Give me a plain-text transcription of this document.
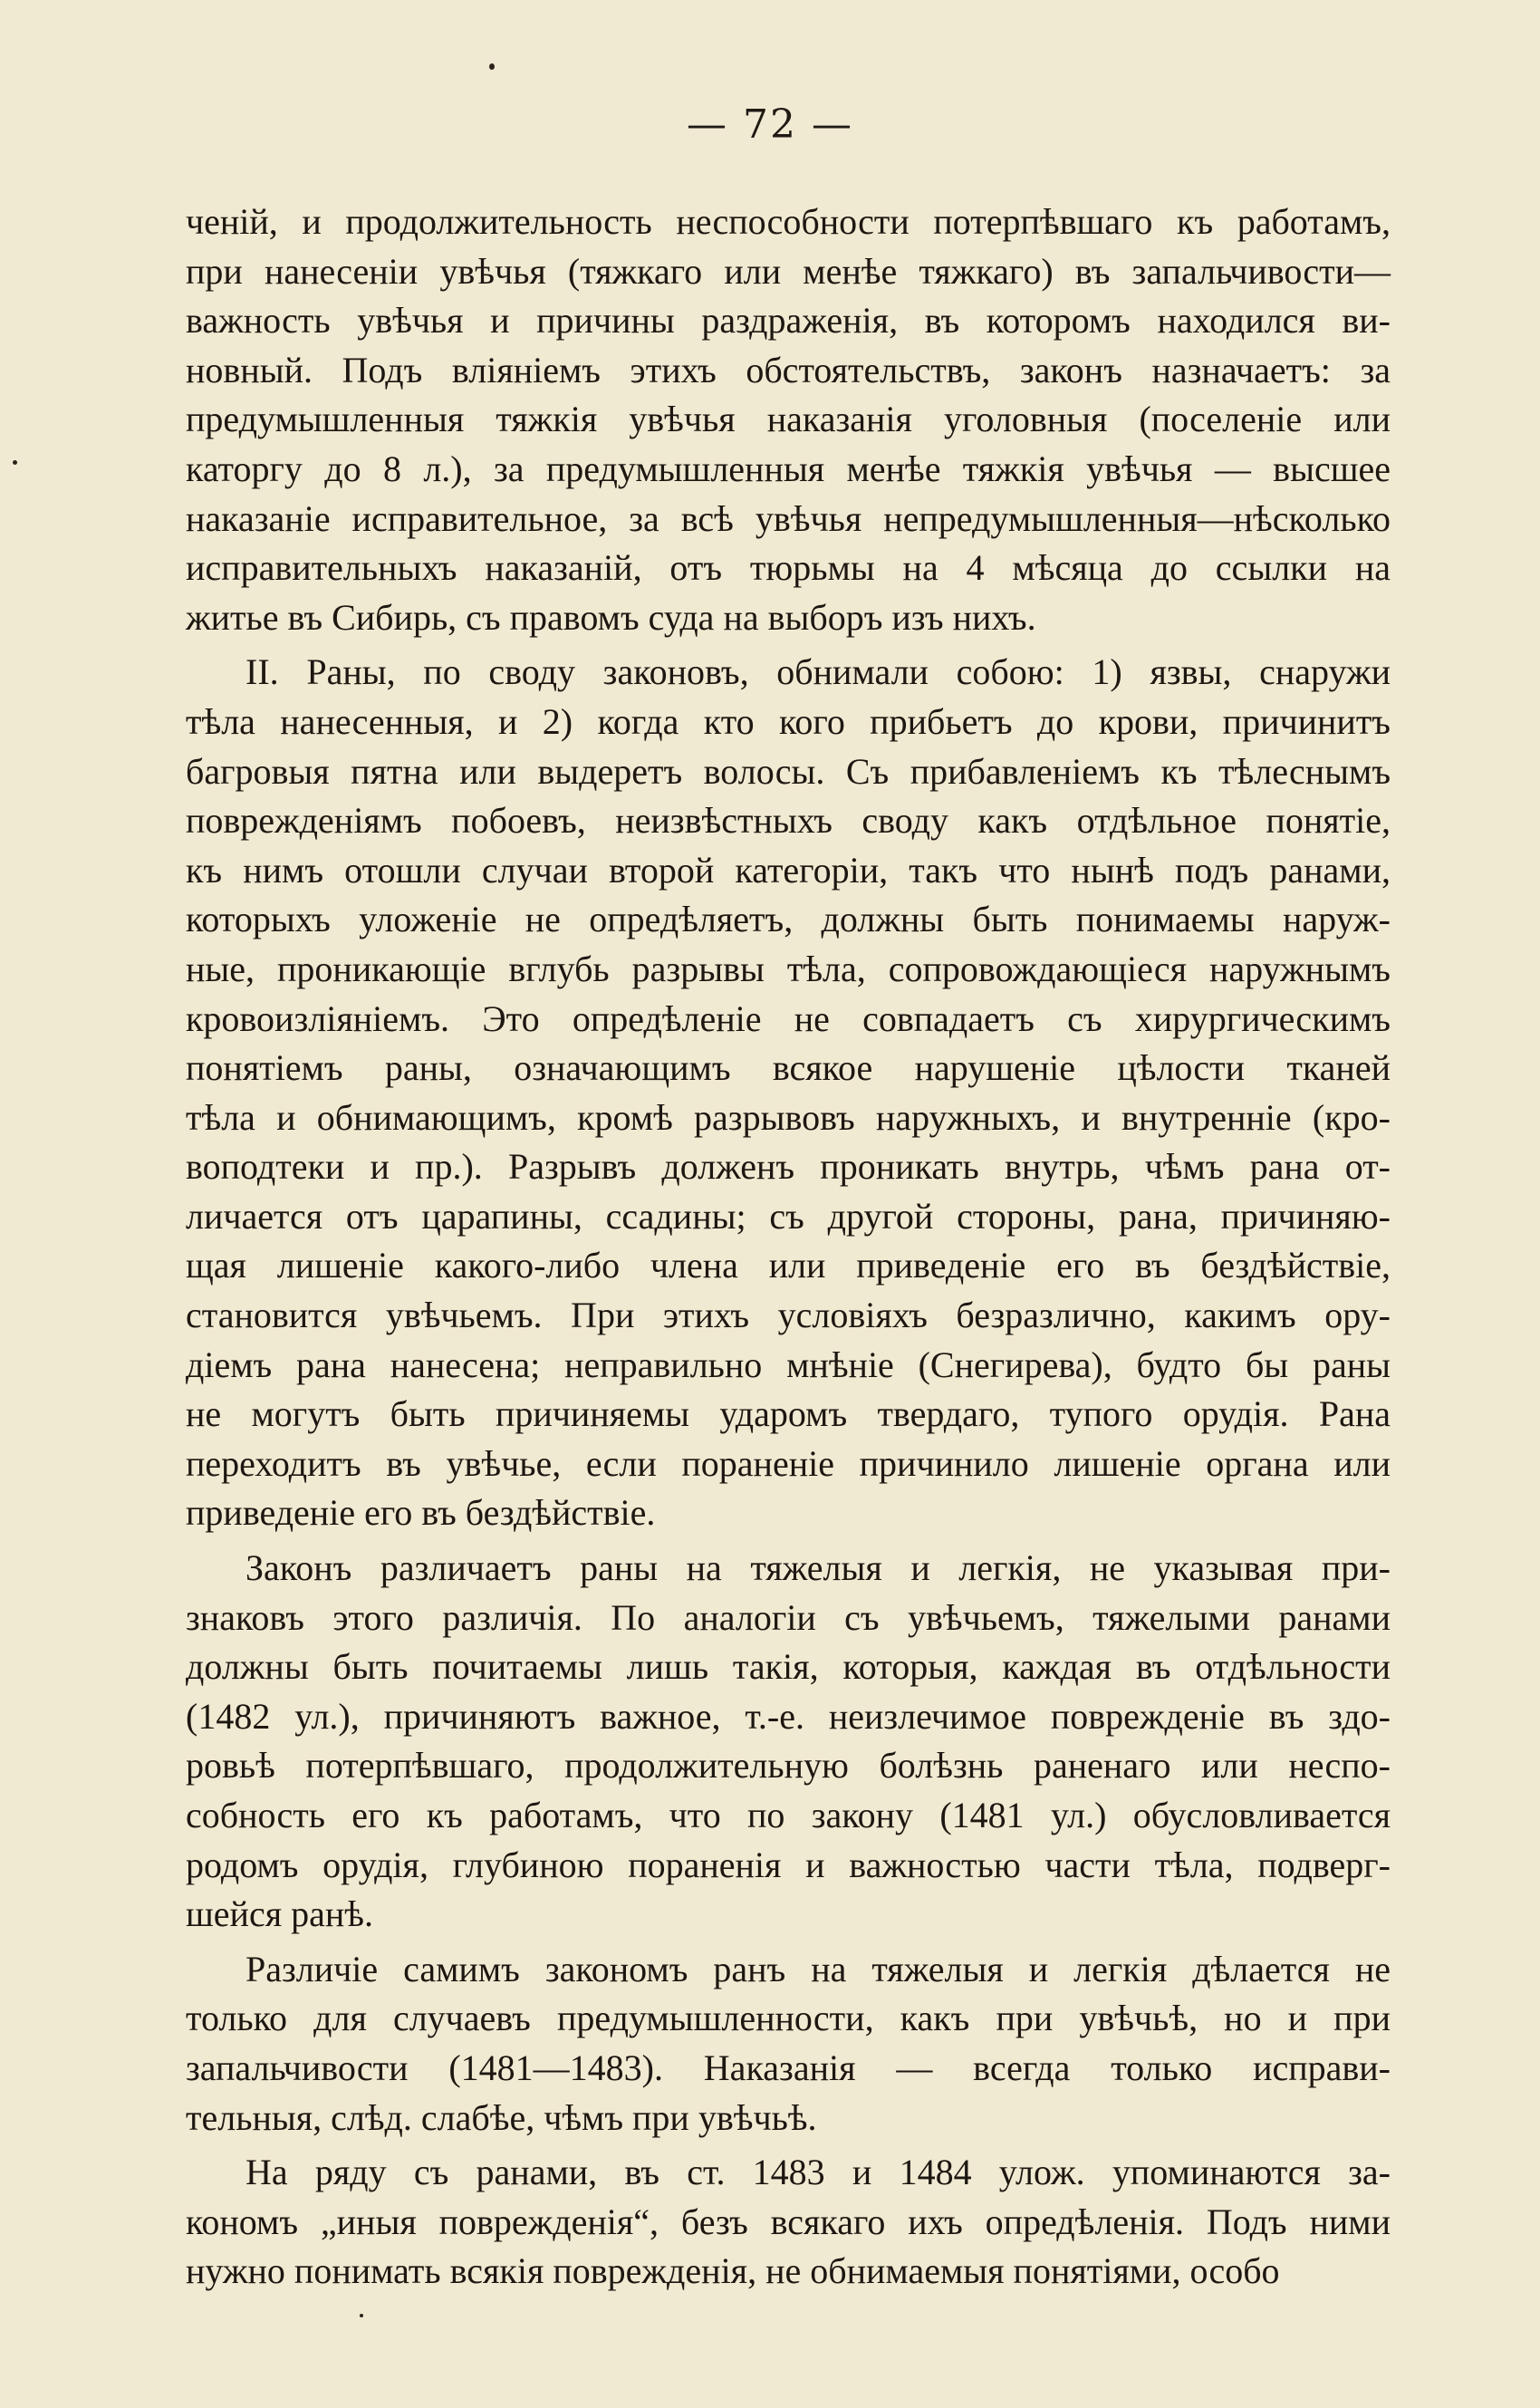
— 72 —
ченій, и продолжительность неспособности потерпѣвшаго къ работамъ,
при нанесеніи увѣчья (тяжкаго или менѣе тяжкаго) въ запальчивости—
важность увѣчья и причины раздраженія, въ которомъ находился ви-
новный. Подъ вліяніемъ этихъ обстоятельствъ, законъ назначаетъ: за
предумышленныя тяжкія увѣчья наказанія уголовныя (поселеніе или
каторгу до 8 л.), за предумышленныя менѣе тяжкія увѣчья — высшее
наказаніе исправительное, за всѣ увѣчья непредумышленныя—нѣсколько
исправительныхъ наказаній, отъ тюрьмы на 4 мѣсяца до ссылки на
житье въ Сибирь, съ правомъ суда на выборъ изъ нихъ.
II. Раны, по своду законовъ, обнимали собою: 1) язвы, снаружи
тѣла нанесенныя, и 2) когда кто кого прибьетъ до крови, причинитъ
багровыя пятна или выдеретъ волосы. Съ прибавленіемъ къ тѣлеснымъ
поврежденіямъ побоевъ, неизвѣстныхъ своду какъ отдѣльное понятіе,
къ нимъ отошли случаи второй категоріи, такъ что нынѣ подъ ранами,
которыхъ уложеніе не опредѣляетъ, должны быть понимаемы наруж-
ные, проникающіе вглубь разрывы тѣла, сопровождающіеся наружнымъ
кровоизліяніемъ. Это опредѣленіе не совпадаетъ съ хирургическимъ
понятіемъ раны, означающимъ всякое нарушеніе цѣлости тканей
тѣла и обнимающимъ, кромѣ разрывовъ наружныхъ, и внутренніе (кро-
воподтеки и пр.). Разрывъ долженъ проникать внутрь, чѣмъ рана от-
личается отъ царапины, ссадины; съ другой стороны, рана, причиняю-
щая лишеніе какого-либо члена или приведеніе его въ бездѣйствіе,
становится увѣчьемъ. При этихъ условіяхъ безразлично, какимъ ору-
діемъ рана нанесена; неправильно мнѣніе (Снегирева), будто бы раны
не могутъ быть причиняемы ударомъ твердаго, тупого орудія. Рана
переходитъ въ увѣчье, если пораненіе причинило лишеніе органа или
приведеніе его въ бездѣйствіе.
Законъ различаетъ раны на тяжелыя и легкія, не указывая при-
знаковъ этого различія. По аналогіи съ увѣчьемъ, тяжелыми ранами
должны быть почитаемы лишь такія, которыя, каждая въ отдѣльности
(1482 ул.), причиняютъ важное, т.-е. неизлечимое поврежденіе въ здо-
ровьѣ потерпѣвшаго, продолжительную болѣзнь раненаго или неспо-
собность его къ работамъ, что по закону (1481 ул.) обусловливается
родомъ орудія, глубиною пораненія и важностью части тѣла, подверг-
шейся ранѣ.
Различіе самимъ закономъ ранъ на тяжелыя и легкія дѣлается не
только для случаевъ предумышленности, какъ при увѣчьѣ, но и при
запальчивости (1481—1483). Наказанія — всегда только исправи-
тельныя, слѣд. слабѣе, чѣмъ при увѣчьѣ.
На ряду съ ранами, въ ст. 1483 и 1484 улож. упоминаются за-
кономъ „иныя поврежденія“, безъ всякаго ихъ опредѣленія. Подъ ними
нужно понимать всякія поврежденія, не обнимаемыя понятіями, особо
